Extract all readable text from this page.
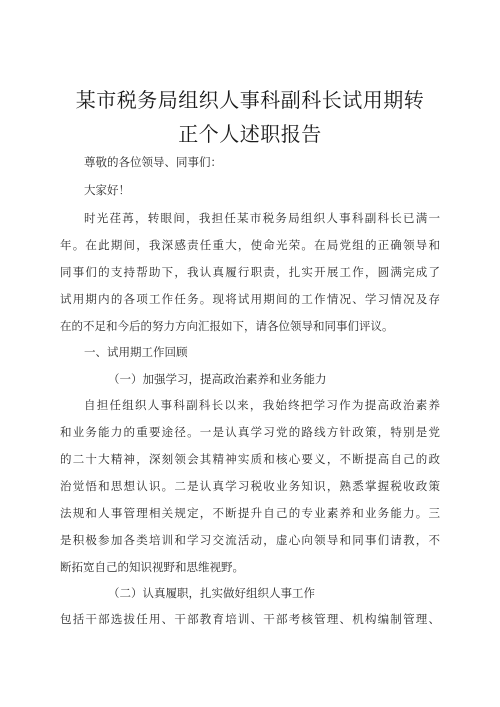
某市税务局组织人事科副科长试用期转
正个人述职报告
尊敬的各位领导、同事们：
大家好！
时光荏苒，转眼间，我担任某市税务局组织人事科副科长已满一
年。在此期间，我深感责任重大，使命光荣。在局党组的正确领导和
同事们的支持帮助下，我认真履行职责，扎实开展工作，圆满完成了
试用期内的各项工作任务。现将试用期间的工作情况、学习情况及存
在的不足和今后的努力方向汇报如下，请各位领导和同事们评议。
一、试用期工作回顾
（一）加强学习，提高政治素养和业务能力
自担任组织人事科副科长以来，我始终把学习作为提高政治素养
和业务能力的重要途径。一是认真学习党的路线方针政策，特别是党
的二十大精神，深刻领会其精神实质和核心要义，不断提高自己的政
治觉悟和思想认识。二是认真学习税收业务知识，熟悉掌握税收政策
法规和人事管理相关规定，不断提升自己的专业素养和业务能力。三
是积极参加各类培训和学习交流活动，虚心向领导和同事们请教，不
断拓宽自己的知识视野和思维视野。
（二）认真履职，扎实做好组织人事工作
包括干部选拔任用、干部教育培训、干部考核管理、机构编制管理、
